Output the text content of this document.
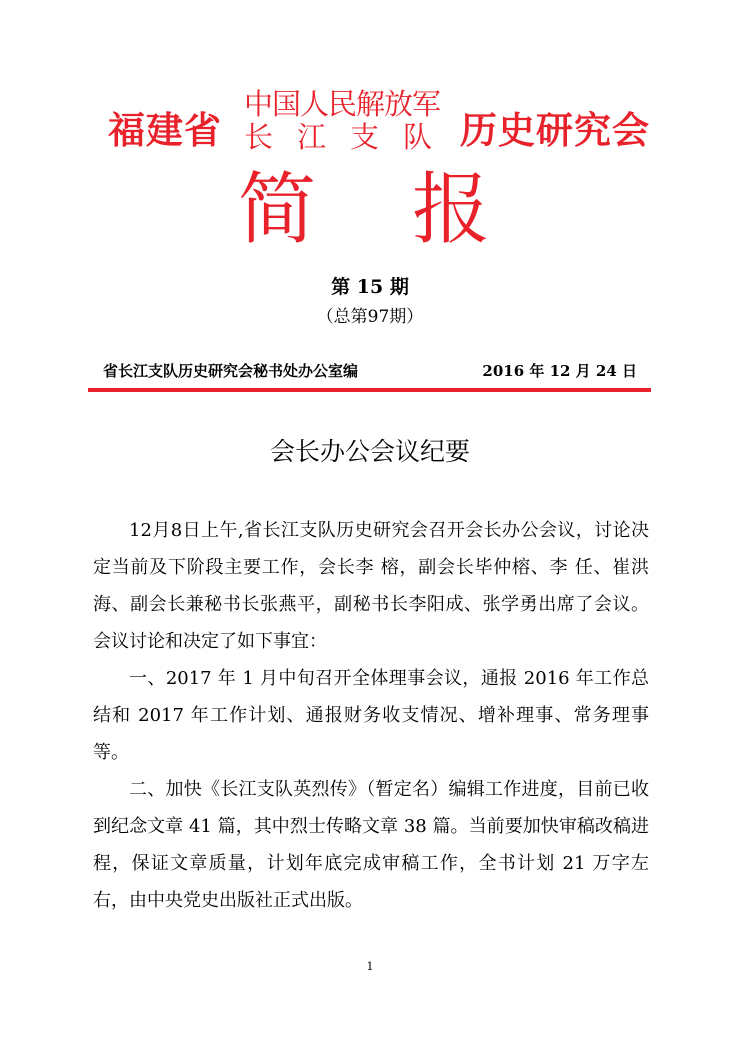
福建省
中国人民解放军
长江支队 历史研究会
简 报
第 15 期
（总第97期）
省长江支队历史研究会秘书处办公室编	2016 年 12 月 24 日
会长办公会议纪要

12月8日上午,省长江支队历史研究会召开会长办公会议，讨论决定当前及下阶段主要工作，会长李 榕，副会长毕仲榕、李 任、崔洪海、副会长兼秘书长张燕平，副秘书长李阳成、张学勇出席了会议。会议讨论和决定了如下事宜：

一、2017 年 1 月中旬召开全体理事会议，通报 2016 年工作总结和 2017 年工作计划、通报财务收支情况、增补理事、常务理事等。

二、加快《长江支队英烈传》（暂定名）编辑工作进度，目前已收到纪念文章 41 篇，其中烈士传略文章 38 篇。当前要加快审稿改稿进程，保证文章质量，计划年底完成审稿工作，全书计划 21 万字左右，由中央党史出版社正式出版。

1
